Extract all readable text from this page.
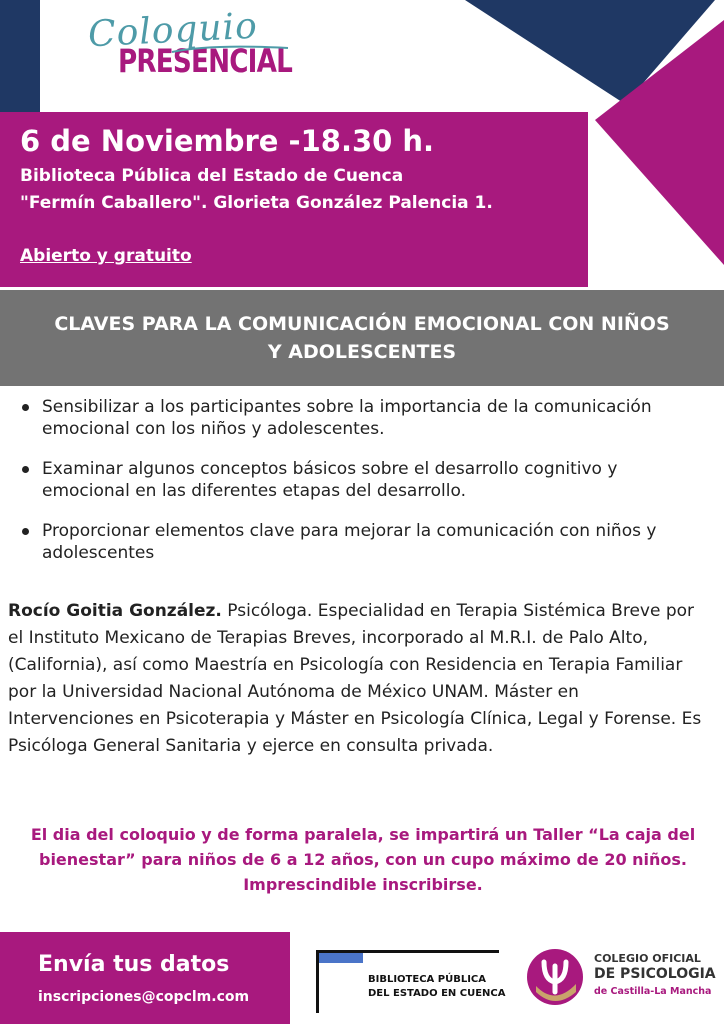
Coloquio
PRESENCIAL
6 de Noviembre -18.30 h.
Biblioteca Pública del Estado de Cuenca
"Fermín Caballero". Glorieta González Palencia 1.
Abierto y gratuito
CLAVES PARA LA COMUNICACIÓN EMOCIONAL CON NIÑOS Y ADOLESCENTES
Sensibilizar a los participantes sobre la importancia de la comunicación emocional con los niños y adolescentes.
Examinar algunos conceptos básicos sobre el desarrollo cognitivo y emocional en las diferentes etapas del desarrollo.
Proporcionar elementos clave para mejorar la comunicación con niños y adolescentes
Rocío Goitia González. Psicóloga. Especialidad en Terapia Sistémica Breve por el Instituto Mexicano de Terapias Breves, incorporado al M.R.I. de Palo Alto, (California), así como Maestría en Psicología con Residencia en Terapia Familiar por la Universidad Nacional Autónoma de México UNAM. Máster en Intervenciones en Psicoterapia y Máster en Psicología Clínica, Legal y Forense. Es Psicóloga General Sanitaria y ejerce en consulta privada.
El dia del coloquio y de forma paralela, se impartirá un Taller “La caja del bienestar” para niños de 6 a 12 años, con un cupo máximo de 20 niños. Imprescindible inscribirse.
Envía tus datos
inscripciones@copclm.com
BIBLIOTECA PÚBLICA
DEL ESTADO EN CUENCA
COLEGIO OFICIAL
DE PSICOLOGIA
de Castilla-La Mancha
